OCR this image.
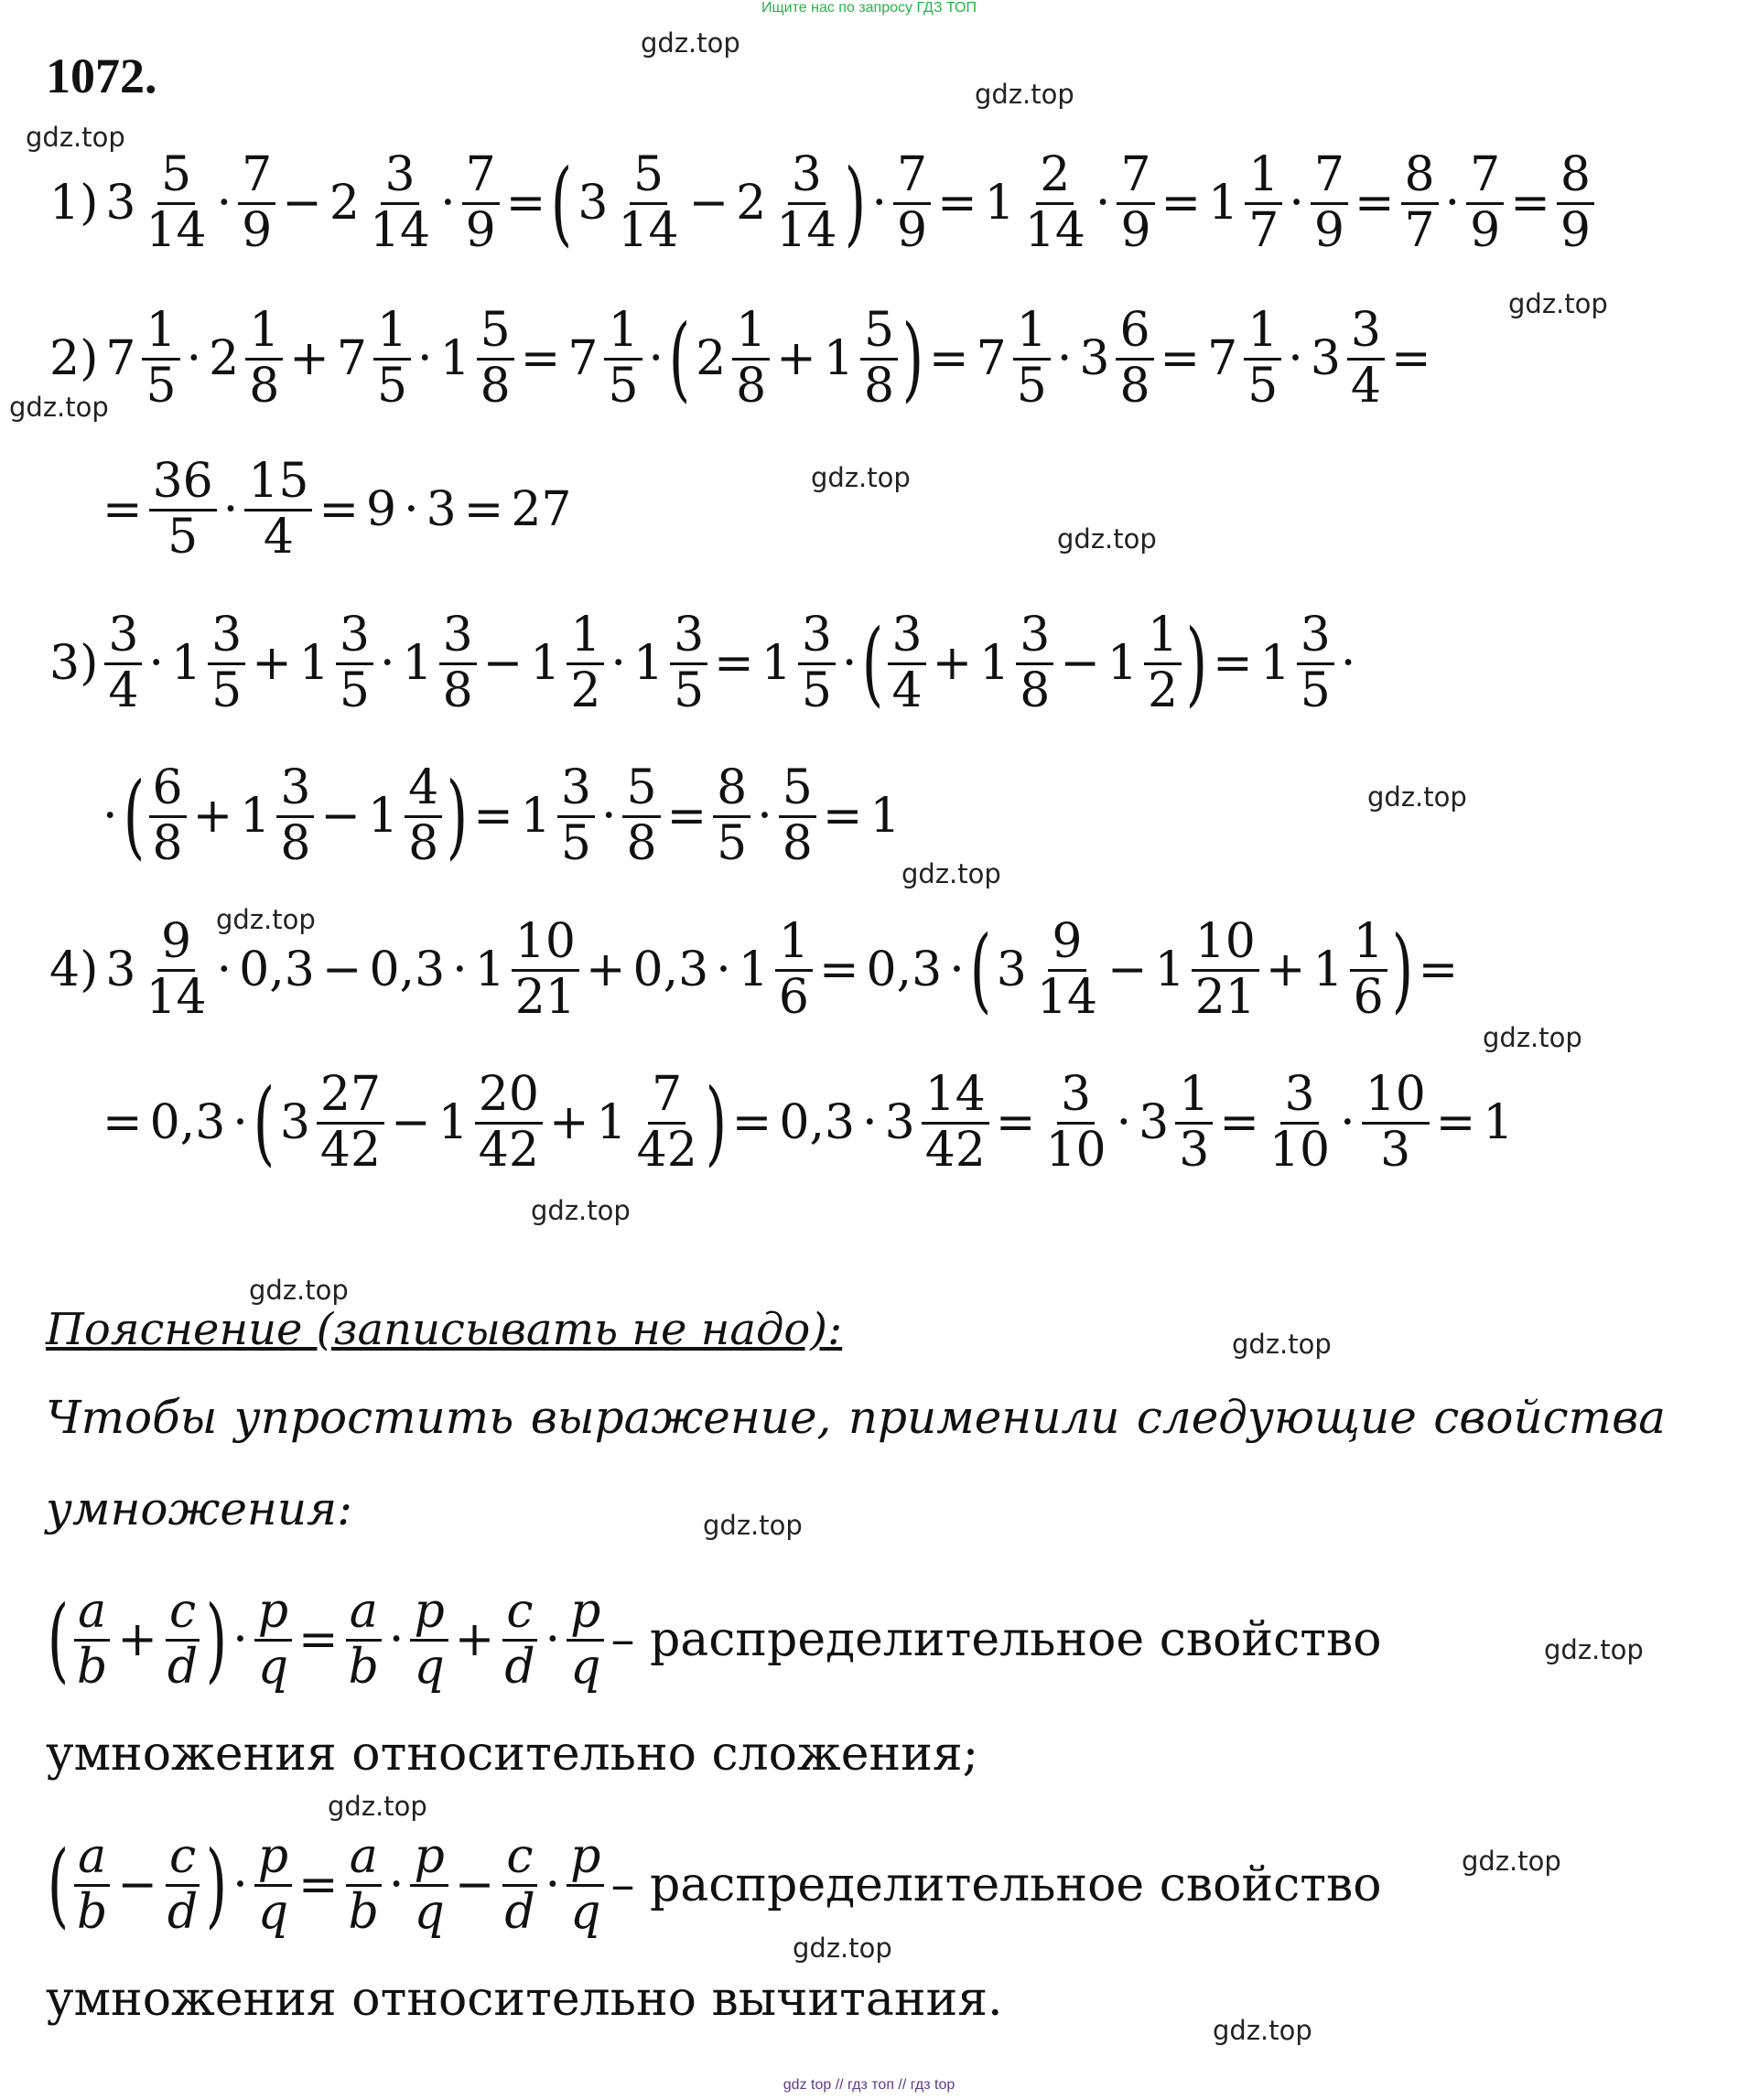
Ищите нас по запросу ГДЗ ТОП
1072.
gdz.top
gdz.top
gdz.top
gdz.top
gdz.top
gdz.top
gdz.top
gdz.top
gdz.top
gdz.top
gdz.top
gdz.top
gdz.top
gdz.top
gdz.top
gdz.top
gdz.top
gdz.top
gdz.top
gdz.top
1) $3 \frac{5}{14} \cdot \frac{7}{9} - 2 \frac{3}{14} \cdot \frac{7}{9}$ = ( $3 \frac{5}{14} - 2 \frac{3}{14}$ ) · $\frac{7}{9} = 1 \frac{2}{14} \cdot \frac{7}{9} = 1 \frac{1}{7} \cdot \frac{7}{9} = \frac{8}{7} \cdot \frac{7}{9} = \frac{8}{9}$
2) $7 \frac{1}{5} \cdot 2 \frac{1}{8} + 7 \frac{1}{5} \cdot 1 \frac{5}{8} = 7 \frac{1}{5}$ · ( $2 \frac{1}{8} + 1 \frac{5}{8}$ ) = $7 \frac{1}{5} \cdot 3 \frac{6}{8} = 7 \frac{1}{5} \cdot 3 \frac{3}{4}$ =
= $\frac{36}{5} \cdot \frac{15}{4} = 9 \cdot 3 = 27$
$3) \frac{3}{4} \cdot 1 \frac{3}{5} + 1 \frac{3}{5} \cdot 1 \frac{3}{8} - 1 \frac{1}{2} \cdot 1 \frac{3}{5} = 1 \frac{3}{5}$ · ( $\frac{3}{4} + 1 \frac{3}{8} - 1 \frac{1}{2}$ ) = $1 \frac{3}{5}$ ·
· ( $\frac{6}{8} + 1 \frac{3}{8} - 1 \frac{4}{8}$ ) = $1 \frac{3}{5} \cdot \frac{5}{8} = \frac{8}{5} \cdot \frac{5}{8} = 1$
4) $3 \frac{9}{14} \cdot 0,3 - 0,3 \cdot 1 \frac{10}{21} + 0,3 \cdot 1 \frac{1}{6} = 0,3$ · ( $3 \frac{9}{14} - 1 \frac{10}{21} + 1 \frac{1}{6}$ ) =
= 0,3 · ( $3 \frac{27}{42} - 1 \frac{20}{42} + 1 \frac{7}{42}$ ) = $0,3 \cdot 3 \frac{14}{42} = \frac{3}{10} \cdot 3 \frac{1}{3} = \frac{3}{10} \cdot \frac{10}{3} = 1$
Пояснение (записывать не надо):
Чтобы упростить выражение, применили следующие свойства
умножения:
( $\frac{a}{b} + \frac{c}{d}$ ) · $\frac{p}{q} = \frac{a}{b} \cdot \frac{p}{q} + \frac{c}{d} \cdot \frac{p}{q}$ – распределительное свойство
умножения относительно сложения;
( $\frac{a}{b} - \frac{c}{d}$ ) · $\frac{p}{q} = \frac{a}{b} \cdot \frac{p}{q} - \frac{c}{d} \cdot \frac{p}{q}$ – распределительное свойство
умножения относительно вычитания.
gdz top // гдз топ // гдз top
